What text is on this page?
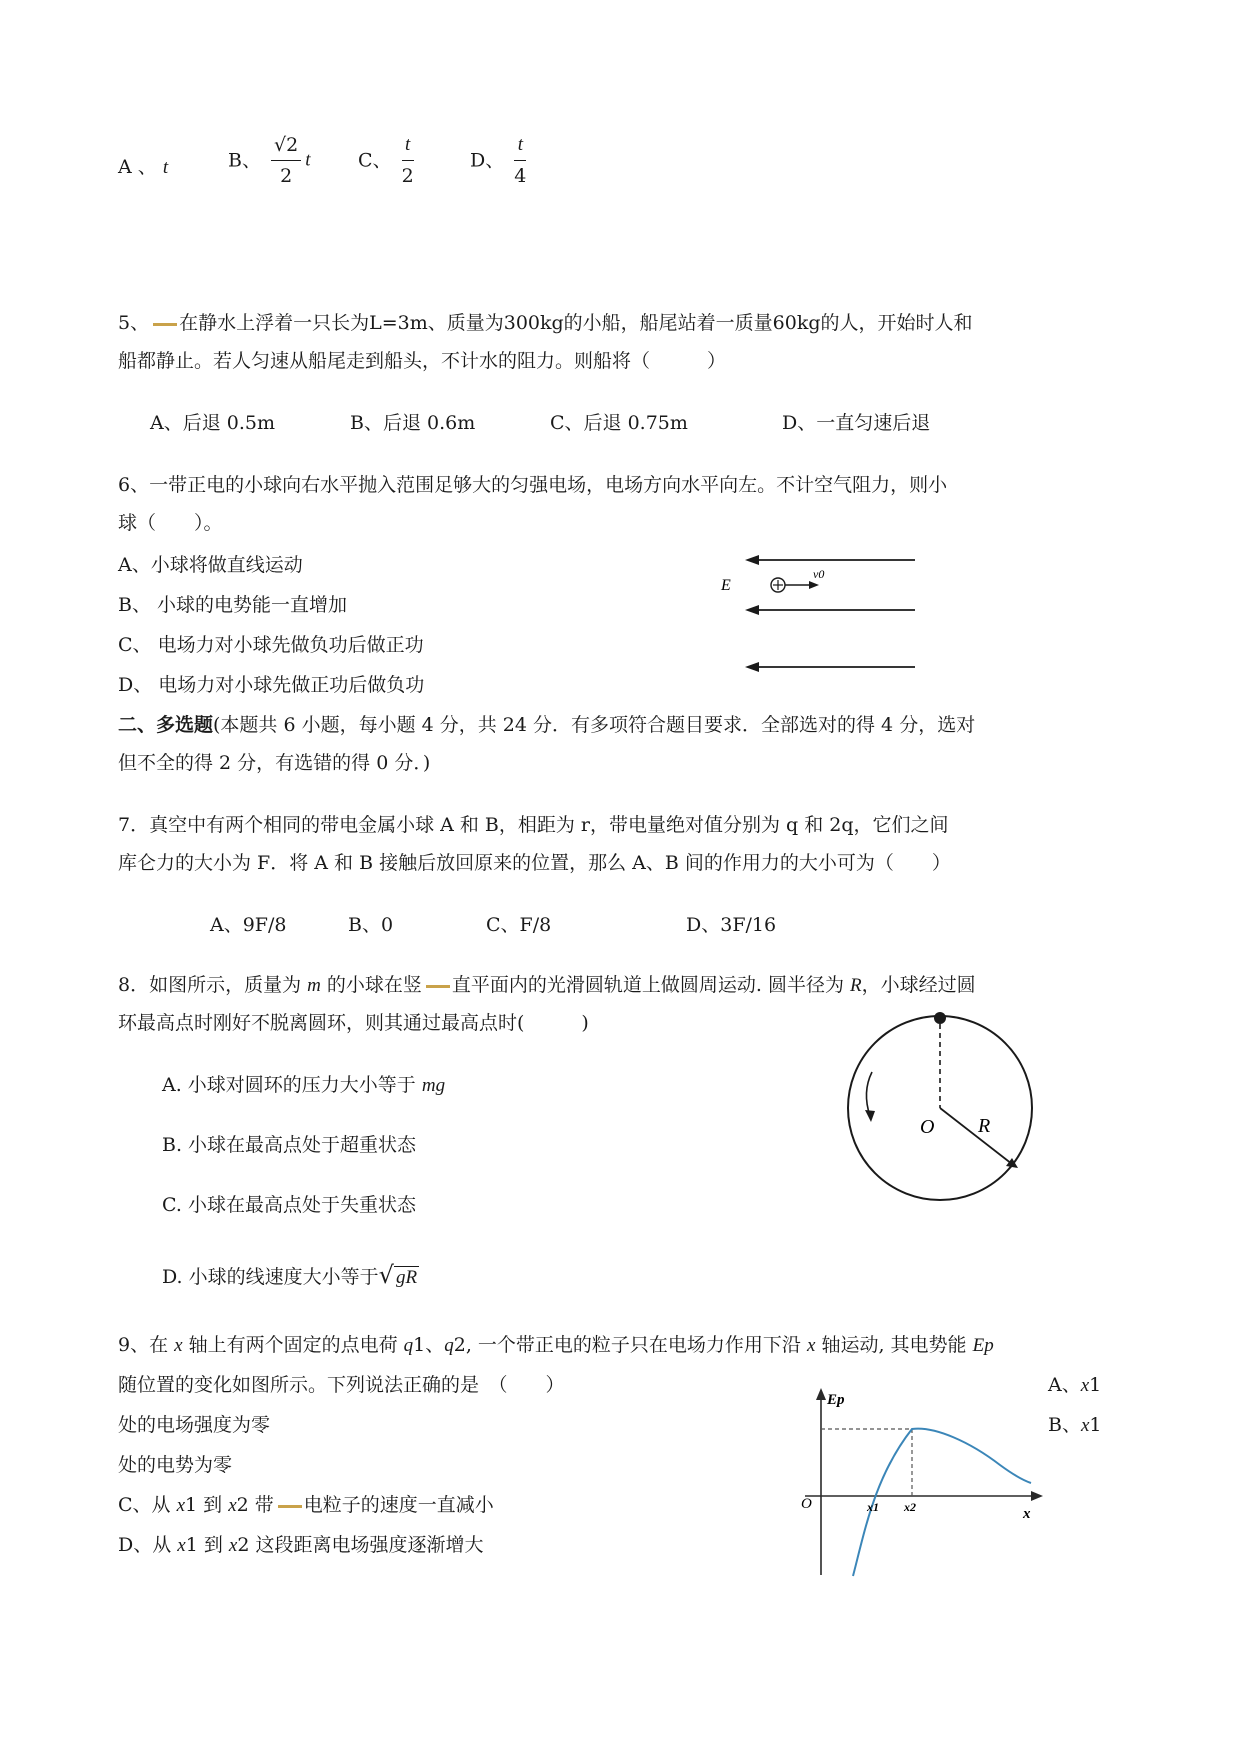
A 、 t	B、 $\frac{√2}{2}$ t	C、 $\frac{t}{2}$	D、 $\frac{t}{4}$
5、 在静水上浮着一只长为L=3m、质量为300kg的小船，船尾站着一质量60kg的人，开始时人和
船都静止。若人匀速从船尾走到船头，不计水的阻力。则船将（　　　）
A、后退 0.5m	B、后退 0.6m	C、后退 0.75m	D、一直匀速后退
6、一带正电的小球向右水平抛入范围足够大的匀强电场，电场方向水平向左。不计空气阻力，则小
球（　　）。
A、小球将做直线运动
B、 小球的电势能一直增加
C、 电场力对小球先做负功后做正功
D、 电场力对小球先做正功后做负功
E
v0
二、多选题(本题共 6 小题，每小题 4 分，共 24 分．有多项符合题目要求．全部选对的得 4 分，选对
但不全的得 2 分，有选错的得 0 分．)
7．真空中有两个相同的带电金属小球 A 和 B，相距为 r，带电量绝对值分别为 q 和 2q，它们之间
库仑力的大小为 F．将 A 和 B 接触后放回原来的位置，那么 A、B 间的作用力的大小可为（　　）
A、9F/8	B、0	C、F/8	D、3F/16
8．如图所示，质量为 m 的小球在竖 直平面内的光滑圆轨道上做圆周运动. 圆半径为 R，小球经过圆
环最高点时刚好不脱离圆环，则其通过最高点时(　　　)
A. 小球对圆环的压力大小等于 mg
B. 小球在最高点处于超重状态
C. 小球在最高点处于失重状态
D. 小球的线速度大小等于√ gR
O R
9、在 x 轴上有两个固定的点电荷 q1、q2, 一个带正电的粒子只在电场力作用下沿 x 轴运动, 其电势能 Ep
随位置的变化如图所示。下列说法正确的是　（　　）	A、x1
处的电场强度为零	B、x1
处的电势为零
C、从 x1 到 x2 带 电粒子的速度一直减小
D、从 x1 到 x2 这段距离电场强度逐渐增大
Ep
O	x1 x2	x
